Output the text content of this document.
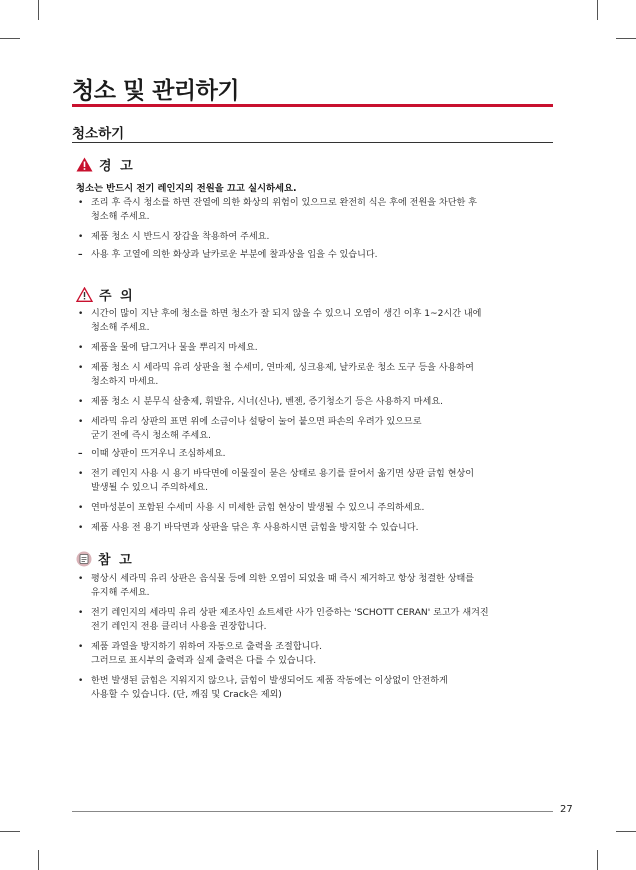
청소 및 관리하기
청소하기
경 고
청소는 반드시 전기 레인지의 전원을 끄고 실시하세요.
• 조리 후 즉시 청소를 하면 잔열에 의한 화상의 위험이 있으므로 완전히 식은 후에 전원을 차단한 후
청소해 주세요.
• 제품 청소 시 반드시 장갑을 착용하여 주세요.
– 사용 후 고열에 의한 화상과 날카로운 부분에 찰과상을 입을 수 있습니다.
주 의
• 시간이 많이 지난 후에 청소를 하면 청소가 잘 되지 않을 수 있으니 오염이 생긴 이후 1~2시간 내에
청소해 주세요.
• 제품을 물에 담그거나 물을 뿌리지 마세요.
• 제품 청소 시 세라믹 유리 상판을 철 수세미, 연마제, 싱크용제, 날카로운 청소 도구 등을 사용하여
청소하지 마세요.
• 제품 청소 시 분무식 살충제, 휘발유, 시너(신나), 벤젠, 증기청소기 등은 사용하지 마세요.
• 세라믹 유리 상판의 표면 위에 소금이나 설탕이 눌어 붙으면 파손의 우려가 있으므로
굳기 전에 즉시 청소해 주세요.
– 이때 상판이 뜨거우니 조심하세요.
• 전기 레인지 사용 시 용기 바닥면에 이물질이 묻은 상태로 용기를 끌어서 옮기면 상판 긁힘 현상이
발생될 수 있으니 주의하세요.
• 연마성분이 포함된 수세미 사용 시 미세한 긁힘 현상이 발생될 수 있으니 주의하세요.
• 제품 사용 전 용기 바닥면과 상판을 닦은 후 사용하시면 긁힘을 방지할 수 있습니다.
참 고
• 평상시 세라믹 유리 상판은 음식물 등에 의한 오염이 되었을 때 즉시 제거하고 항상 청결한 상태를
유지해 주세요.
• 전기 레인지의 세라믹 유리 상판 제조사인 쇼트세란 사가 인증하는 'SCHOTT CERAN' 로고가 새겨진
전기 레인지 전용 클리너 사용을 권장합니다.
• 제품 과열을 방지하기 위하여 자동으로 출력을 조절합니다.
그러므로 표시부의 출력과 실제 출력은 다를 수 있습니다.
• 한번 발생된 긁힘은 지워지지 않으나, 긁힘이 발생되어도 제품 작동에는 이상없이 안전하게
사용할 수 있습니다. (단, 깨짐 및 Crack은 제외)
27
